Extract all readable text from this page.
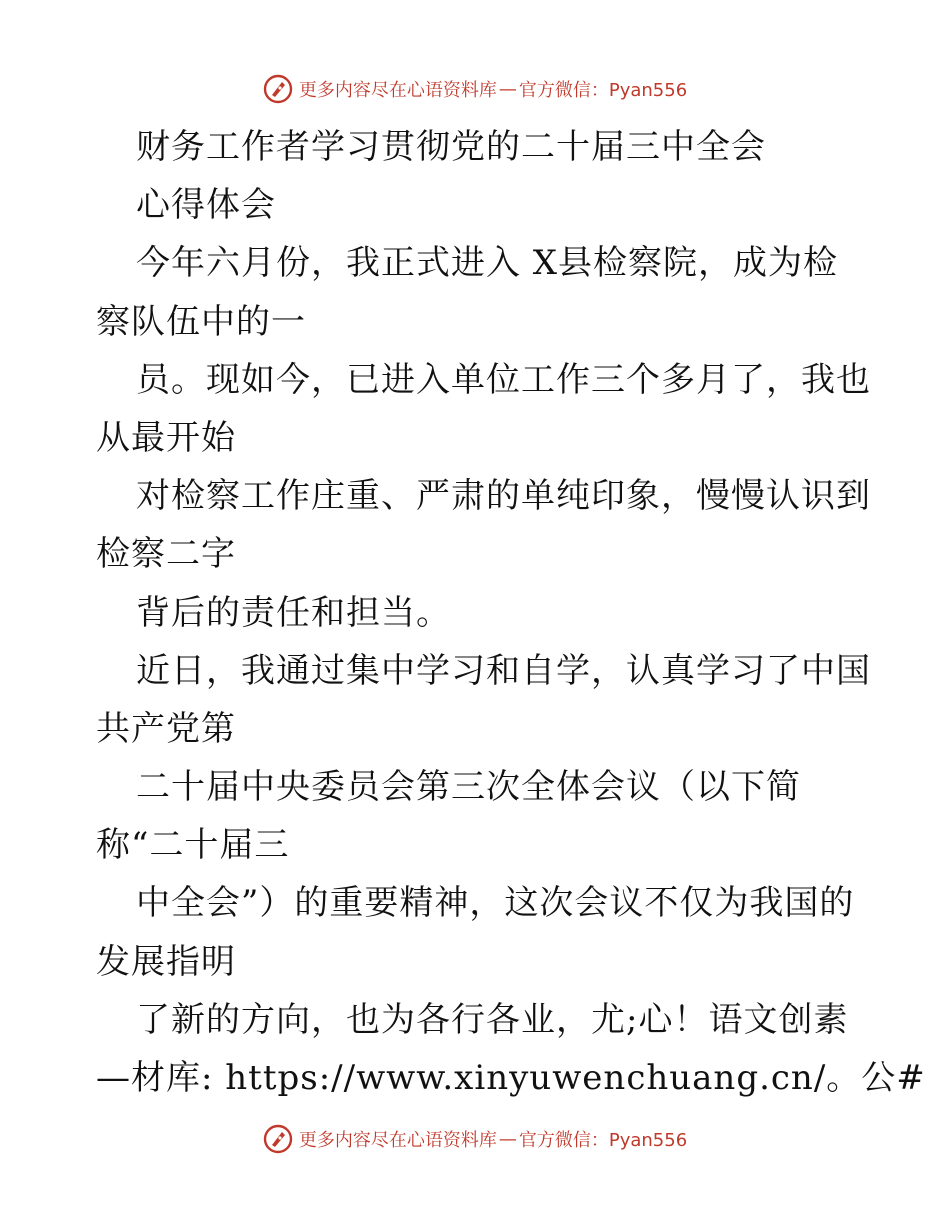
更多内容尽在心语资料库 — 官方微信：Pyan556
财务工作者学习贯彻党的二十届三中全会
心得体会
今年六月份，我正式进入 X县检察院，成为检
察队伍中的一
员。现如今，已进入单位工作三个多月了，我也
从最开始
对检察工作庄重、严肃的单纯印象，慢慢认识到
检察二字
背后的责任和担当。
近日，我通过集中学习和自学，认真学习了中国
共产党第
二十届中央委员会第三次全体会议（以下简
称“二十届三
中全会”）的重要精神，这次会议不仅为我国的
发展指明
了新的方向，也为各行各业，尤;心！语文创素
—材库: https://www.xinyuwenchuang.cn/。公#
更多内容尽在心语资料库 — 官方微信：Pyan556
